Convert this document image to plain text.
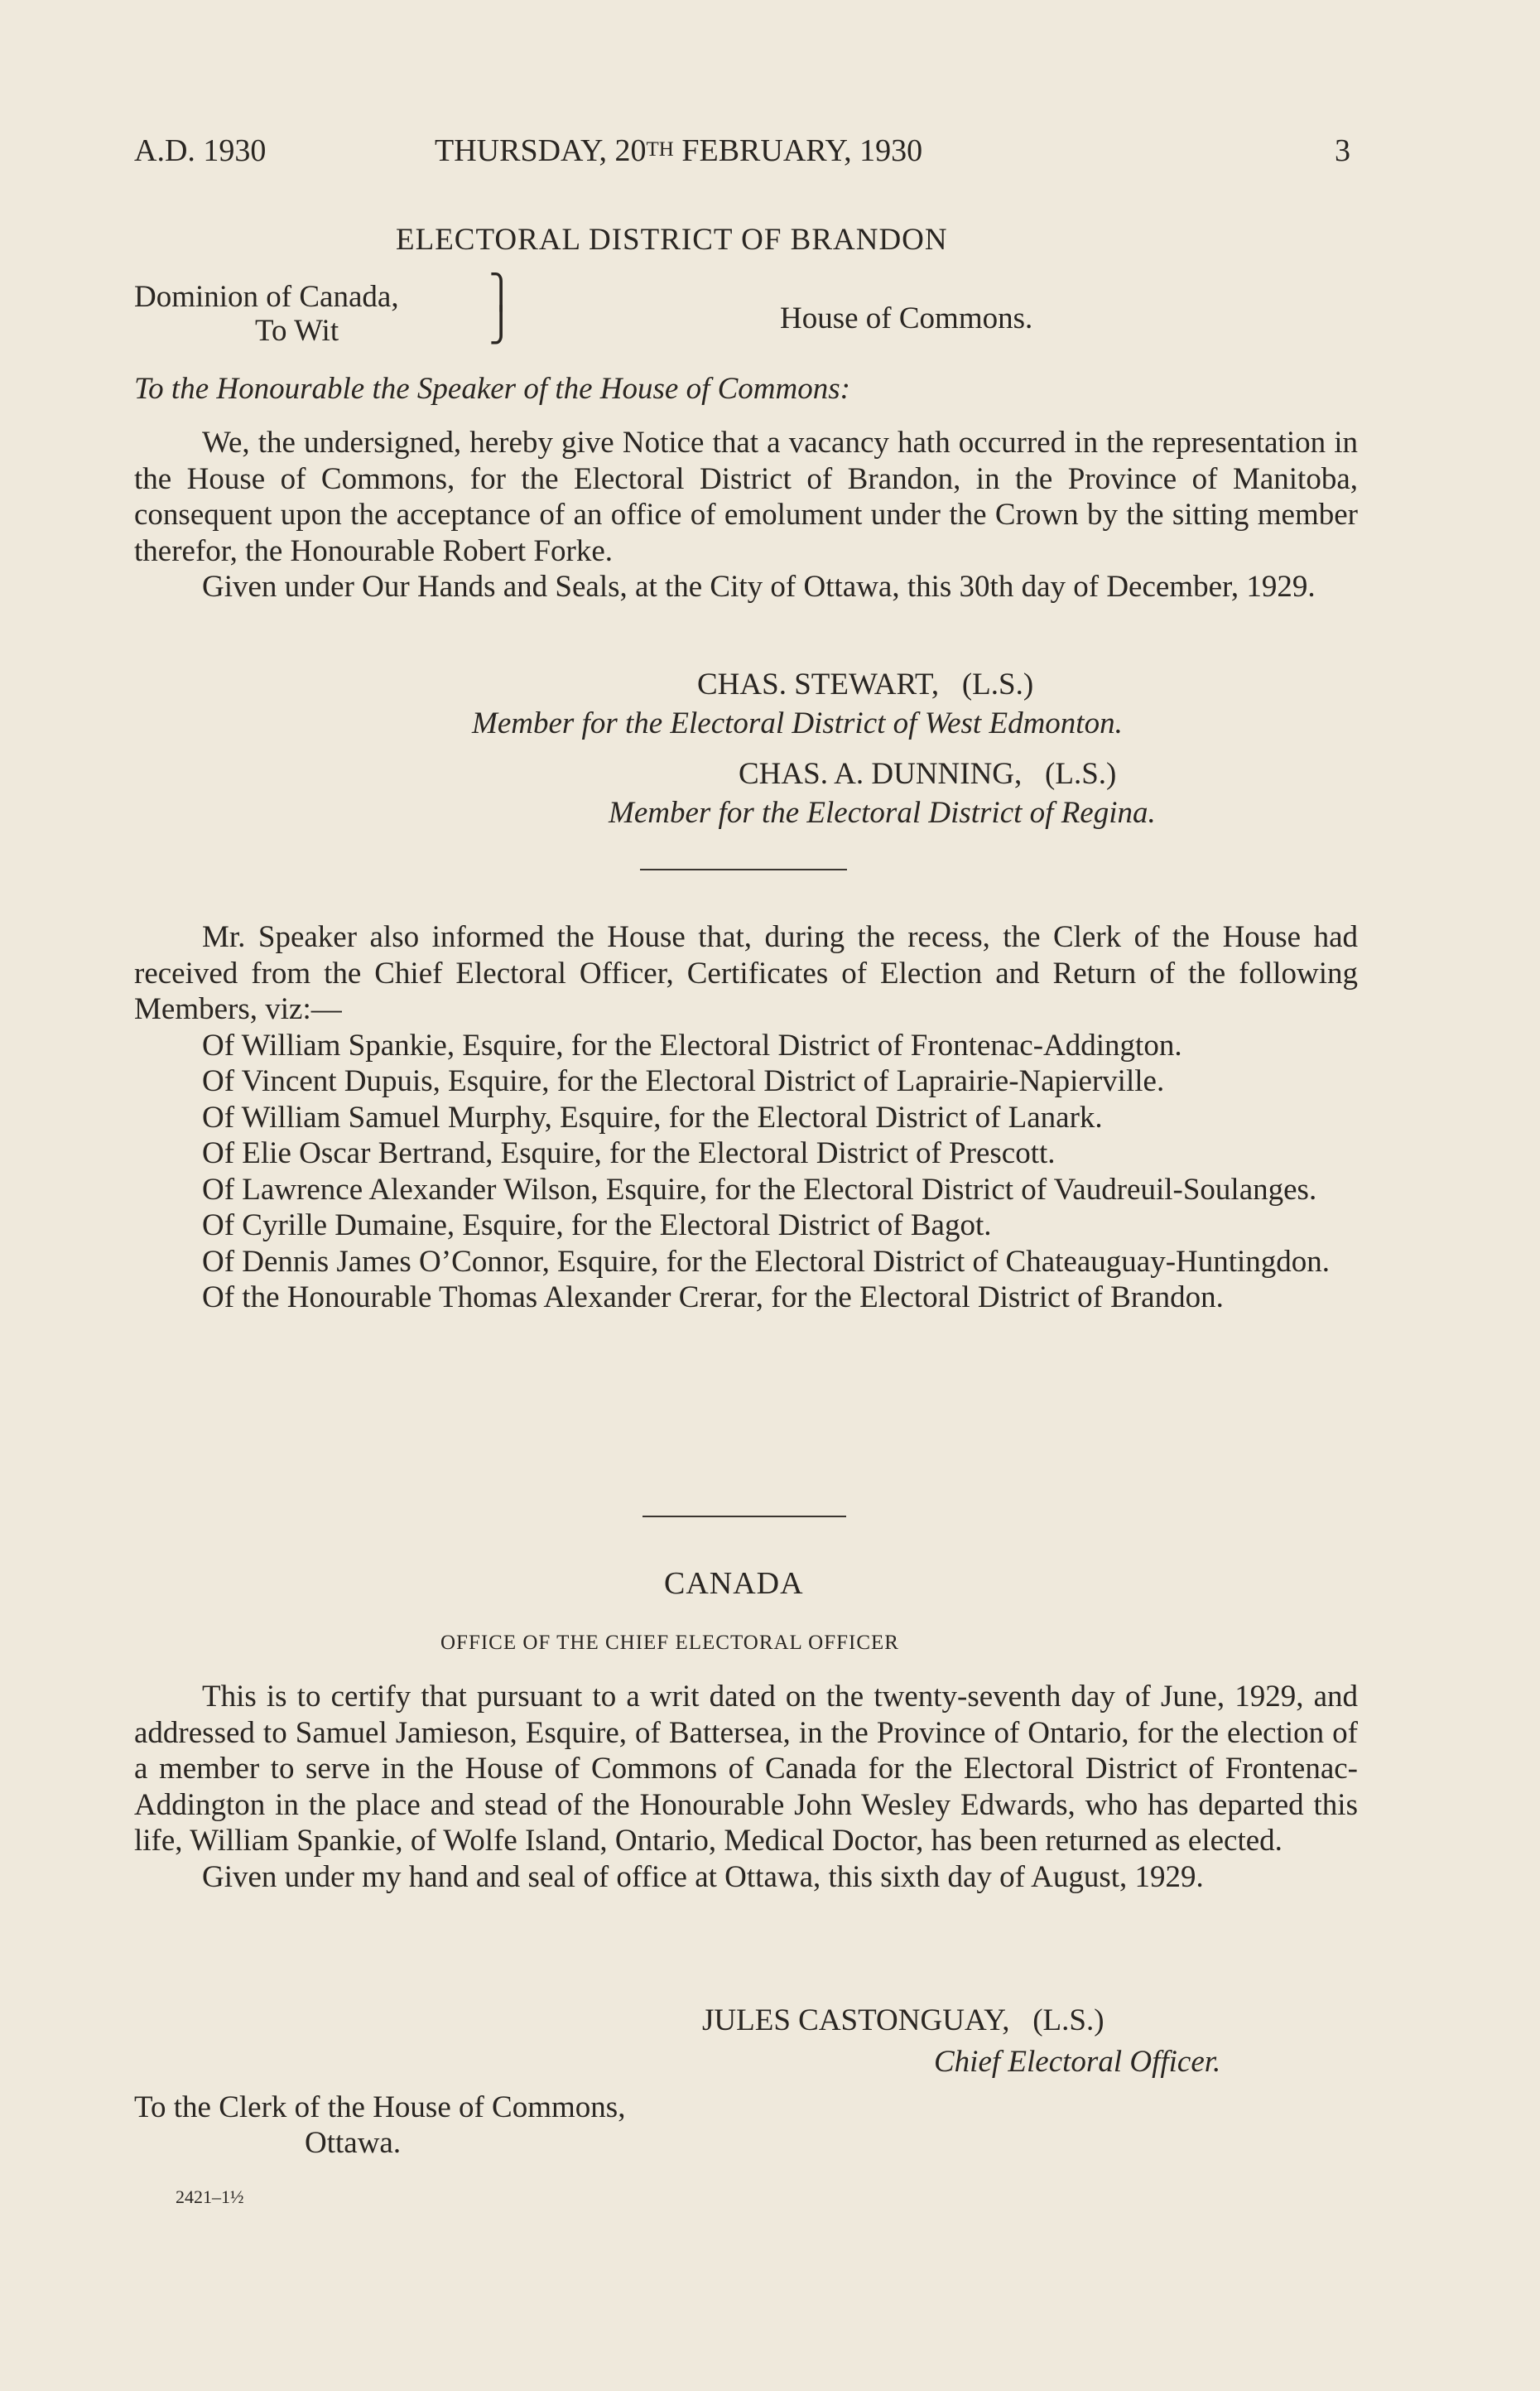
A.D. 1930	THURSDAY, 20TH FEBRUARY, 1930	3
ELECTORAL DISTRICT OF BRANDON
Dominion of Canada,
To Wit
⎫
⎭	House of Commons.
To the Honourable the Speaker of the House of Commons:

We, the undersigned, hereby give Notice that a vacancy hath occurred in the representation in the House of Commons, for the Electoral District of Brandon, in the Province of Manitoba, consequent upon the acceptance of an office of emolument under the Crown by the sitting member therefor, the Honourable Robert Forke.

Given under Our Hands and Seals, at the City of Ottawa, this 30th day of December, 1929.

CHAS. STEWART,   (L.S.)
Member for the Electoral District of West Edmonton.
CHAS. A. DUNNING,   (L.S.)
Member for the Electoral District of Regina.

Mr. Speaker also informed the House that, during the recess, the Clerk of the House had received from the Chief Electoral Officer, Certificates of Election and Return of the following Members, viz:—

Of William Spankie, Esquire, for the Electoral District of Frontenac-Addington.

Of Vincent Dupuis, Esquire, for the Electoral District of Laprairie-Napierville.

Of William Samuel Murphy, Esquire, for the Electoral District of Lanark.

Of Elie Oscar Bertrand, Esquire, for the Electoral District of Prescott.

Of Lawrence Alexander Wilson, Esquire, for the Electoral District of Vaudreuil-Soulanges.

Of Cyrille Dumaine, Esquire, for the Electoral District of Bagot.

Of Dennis James O’Connor, Esquire, for the Electoral District of Chateauguay-Huntingdon.

Of the Honourable Thomas Alexander Crerar, for the Electoral District of Brandon.

CANADA
OFFICE OF THE CHIEF ELECTORAL OFFICER

This is to certify that pursuant to a writ dated on the twenty-seventh day of June, 1929, and addressed to Samuel Jamieson, Esquire, of Battersea, in the Province of Ontario, for the election of a member to serve in the House of Commons of Canada for the Electoral District of Frontenac-Addington in the place and stead of the Honourable John Wesley Edwards, who has departed this life, William Spankie, of Wolfe Island, Ontario, Medical Doctor, has been returned as elected.

Given under my hand and seal of office at Ottawa, this sixth day of August, 1929.

JULES CASTONGUAY,   (L.S.)
Chief Electoral Officer.
To the Clerk of the House of Commons,
Ottawa.
2421–1½
